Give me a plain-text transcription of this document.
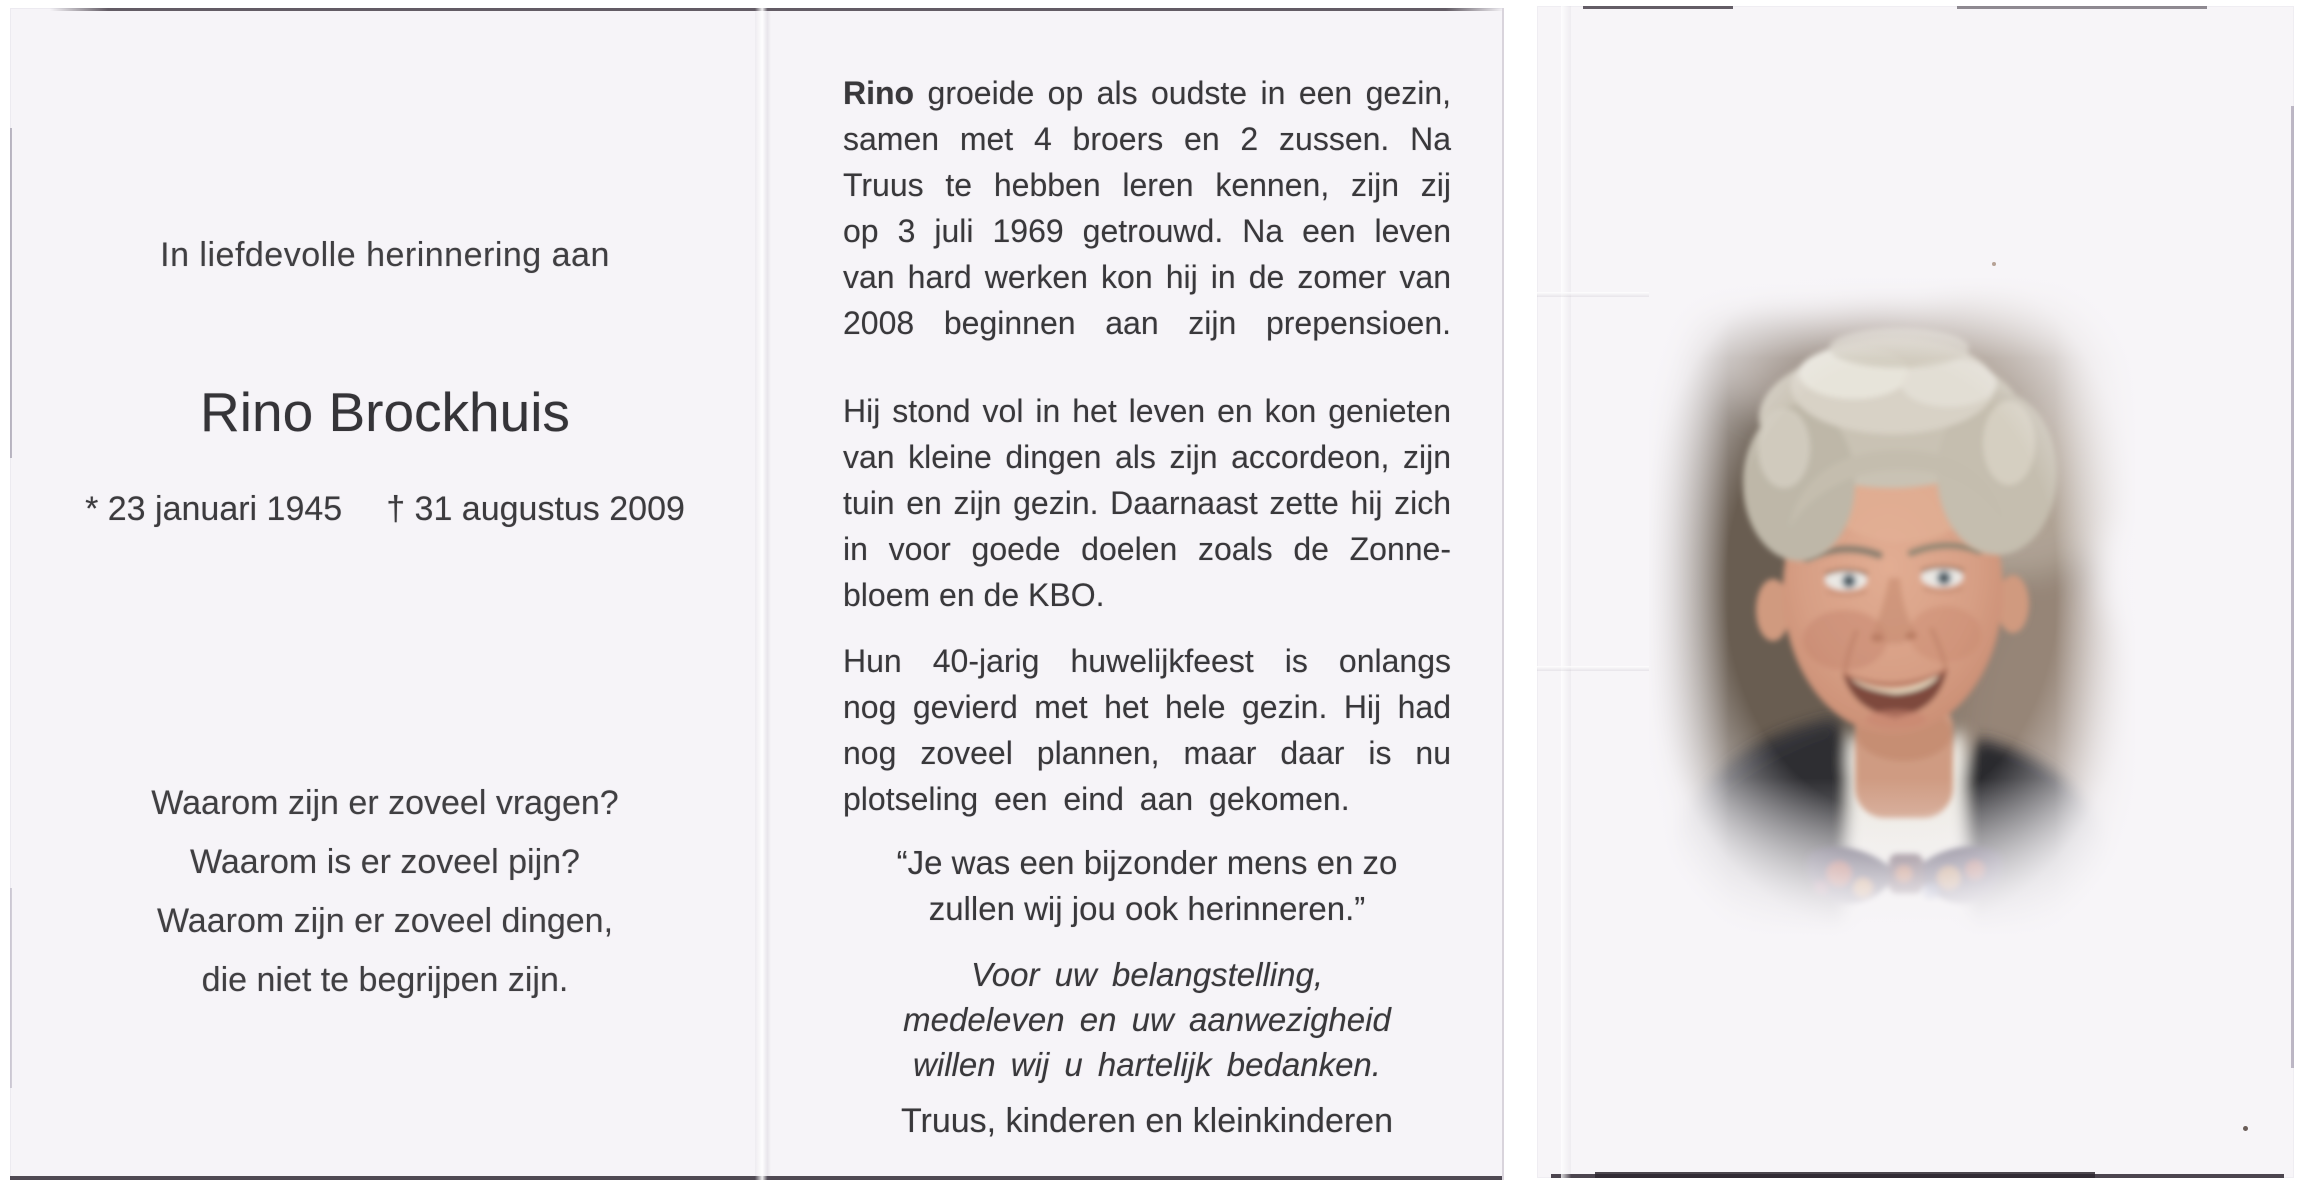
In liefdevolle herinnering aan
Rino Brockhuis
* 23 januari 1945 † 31 augustus 2009
Waarom zijn er zoveel vragen?
Waarom is er zoveel pijn?
Waarom zijn er zoveel dingen,
die niet te begrijpen zijn.
Rino groeide op als oudste in een gezin,
samen met 4 broers en 2 zussen. Na
Truus te hebben leren kennen, zijn zij
op 3 juli 1969 getrouwd. Na een leven
van hard werken kon hij in de zomer van
2008 beginnen aan zijn prepensioen.
Hij stond vol in het leven en kon genieten
van kleine dingen als zijn accordeon, zijn
tuin en zijn gezin. Daarnaast zette hij zich
in voor goede doelen zoals de Zonne-
bloem en de KBO.
Hun 40-jarig huwelijkfeest is onlangs
nog gevierd met het hele gezin. Hij had
nog zoveel plannen, maar daar is nu
plotseling een eind aan gekomen.
“Je was een bijzonder mens en zo
zullen wij jou ook herinneren.”
Voor uw belangstelling,
medeleven en uw aanwezigheid
willen wij u hartelijk bedanken.
Truus, kinderen en kleinkinderen
